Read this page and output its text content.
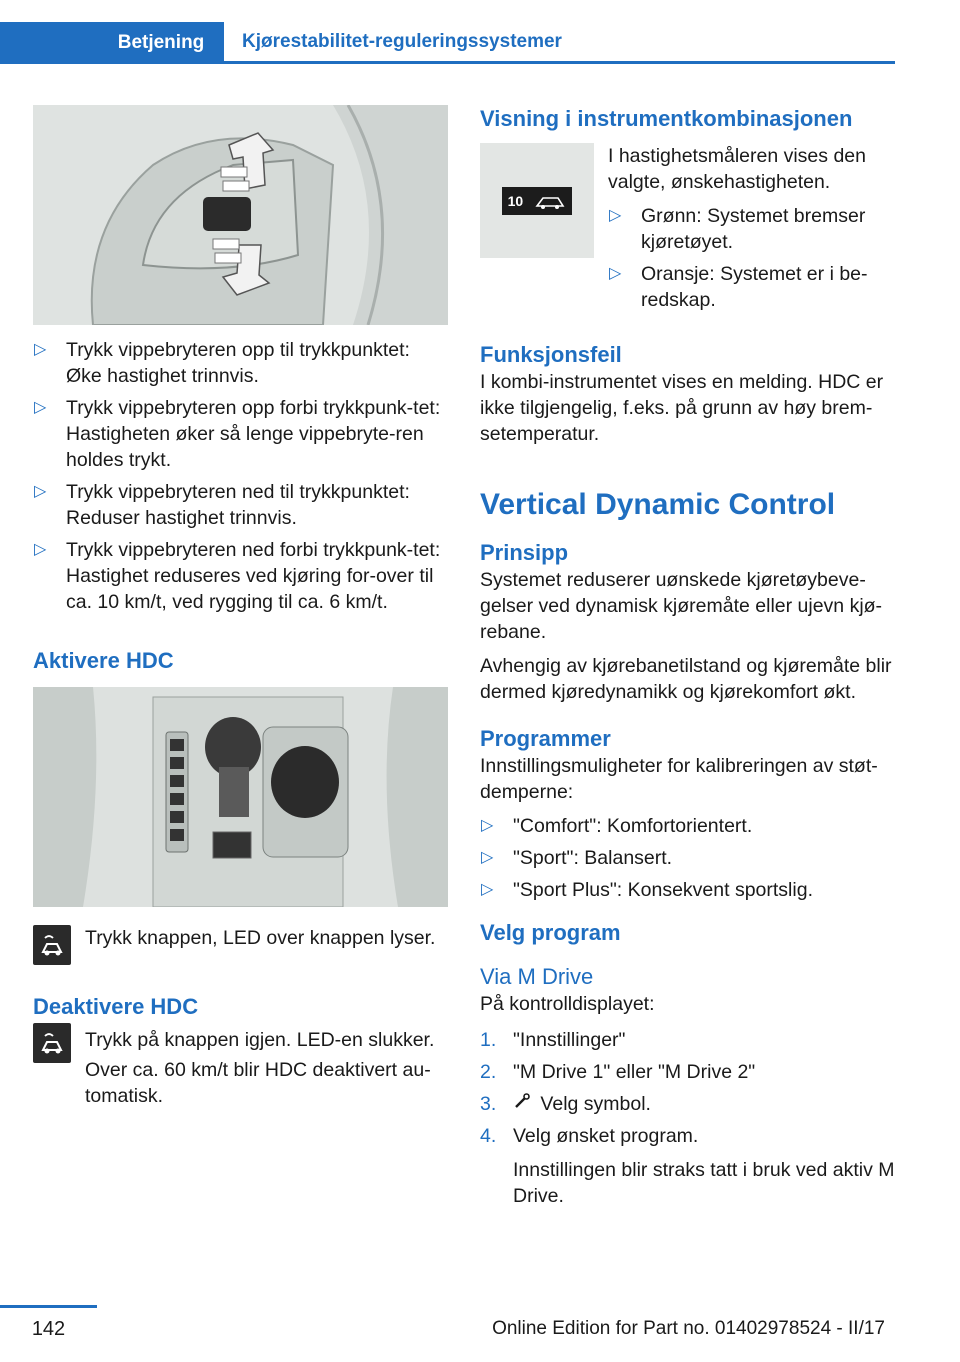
Betjening	Kjørestabilitet-reguleringssystemer
▷ Trykk vippebryteren opp til trykkpunktet: Øke hastighet trinnvis.
▷ Trykk vippebryteren opp forbi trykkpunk-tet: Hastigheten øker så lenge vippebryte-ren holdes trykt.
▷ Trykk vippebryteren ned til trykkpunktet: Reduser hastighet trinnvis.
▷ Trykk vippebryteren ned forbi trykkpunk-tet: Hastighet reduseres ved kjøring for-over til ca. 10 km/t, ved rygging til ca. 6 km/t.
Aktivere HDC

Trykk knappen, LED over knappen lyser.

Deaktivere HDC

Trykk på knappen igjen. LED-en slukker.

Over ca. 60 km/t blir HDC deaktivert au-tomatisk.

Visning i instrumentkombinasjonen
10

I hastighetsmåleren vises den valgte, ønskehastigheten.

▷ Grønn: Systemet bremser kjøretøyet.
▷ Oransje: Systemet er i be-redskap.
Funksjonsfeil

I kombi-instrumentet vises en melding. HDC er ikke tilgjengelig, f.eks. på grunn av høy brem-setemperatur.

Vertical Dynamic Control
Prinsipp

Systemet reduserer uønskede kjøretøybeve-gelser ved dynamisk kjøremåte eller ujevn kjø-rebane.

Avhengig av kjørebanetilstand og kjøremåte blir dermed kjøredynamikk og kjørekomfort økt.

Programmer

Innstillingsmuligheter for kalibreringen av støt-demperne:

▷ "Comfort": Komfortorientert.
▷ "Sport": Balansert.
▷ "Sport Plus": Konsekvent sportslig.
Velg program
Via M Drive

På kontrolldisplayet:

1. "Innstillinger"
2. "M Drive 1" eller "M Drive 2"
3. Velg symbol.
4. Velg ønsket program.

Innstillingen blir straks tatt i bruk ved aktiv M Drive.

142	Online Edition for Part no. 01402978524 - II/17
